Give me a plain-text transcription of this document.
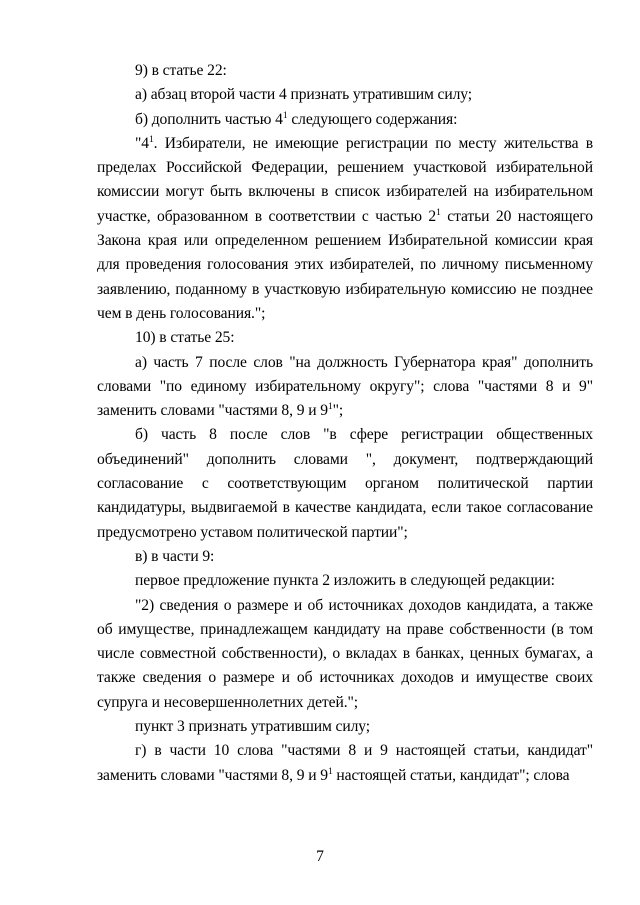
9) в статье 22:

а) абзац второй части 4 признать утратившим силу;

б) дополнить частью $4^1$ следующего содержания:

"$4^1$. Избиратели, не имеющие регистрации по месту жительства в пределах Российской Федерации, решением участковой избирательной комиссии могут быть включены в список избирателей на избирательном участке, образованном в соответствии с частью $2^1$ статьи 20 настоящего Закона края или определенном решением Избирательной комиссии края для проведения голосования этих избирателей, по личному письменному заявлению, поданному в участковую избирательную комиссию не позднее чем в день голосования.";

10) в статье 25:

а) часть 7 после слов "на должность Губернатора края" дополнить словами "по единому избирательному округу"; слова "частями 8 и 9" заменить словами "частями 8, 9 и $9^1$";

б) часть 8 после слов "в сфере регистрации общественных объединений" дополнить словами ", документ, подтверждающий согласование с соответствующим органом политической партии кандидатуры, выдвигаемой в качестве кандидата, если такое согласование предусмотрено уставом политической партии";

в) в части 9:

первое предложение пункта 2 изложить в следующей редакции:

"2) сведения о размере и об источниках доходов кандидата, а также об имуществе, принадлежащем кандидату на праве собственности (в том числе совместной собственности), о вкладах в банках, ценных бумагах, а также сведения о размере и об источниках доходов и имуществе своих супруга и несовершеннолетних детей.";

пункт 3 признать утратившим силу;

г) в части 10 слова "частями 8 и 9 настоящей статьи, кандидат" заменить словами "частями 8, 9 и $9^1$ настоящей статьи, кандидат"; слова

7
